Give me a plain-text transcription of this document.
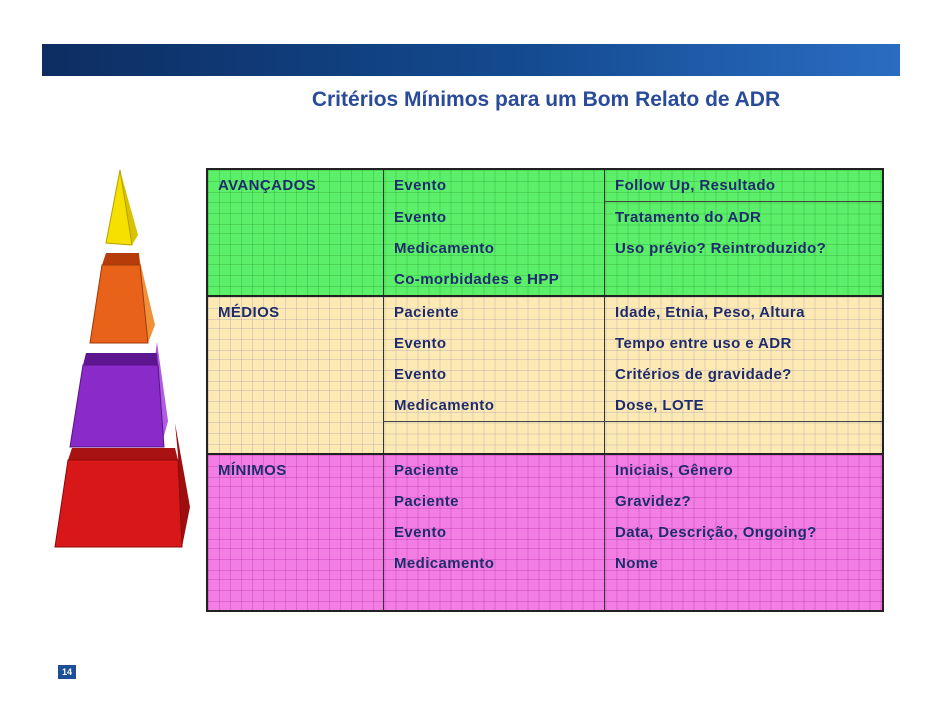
Critérios Mínimos para um Bom Relato de ADR
AVANÇADOS	Evento	Follow Up, Resultado
	Evento	Tratamento do ADR
	Medicamento	Uso prévio? Reintroduzido?
	Co-morbidades e HPP	
MÉDIOS	Paciente	Idade, Etnia, Peso, Altura
	Evento	Tempo entre uso e ADR
	Evento	Critérios de gravidade?
	Medicamento	Dose, LOTE

MÍNIMOS	Paciente	Iniciais, Gênero
	Paciente	Gravidez?
	Evento	Data, Descrição, Ongoing?
	Medicamento	Nome

14
